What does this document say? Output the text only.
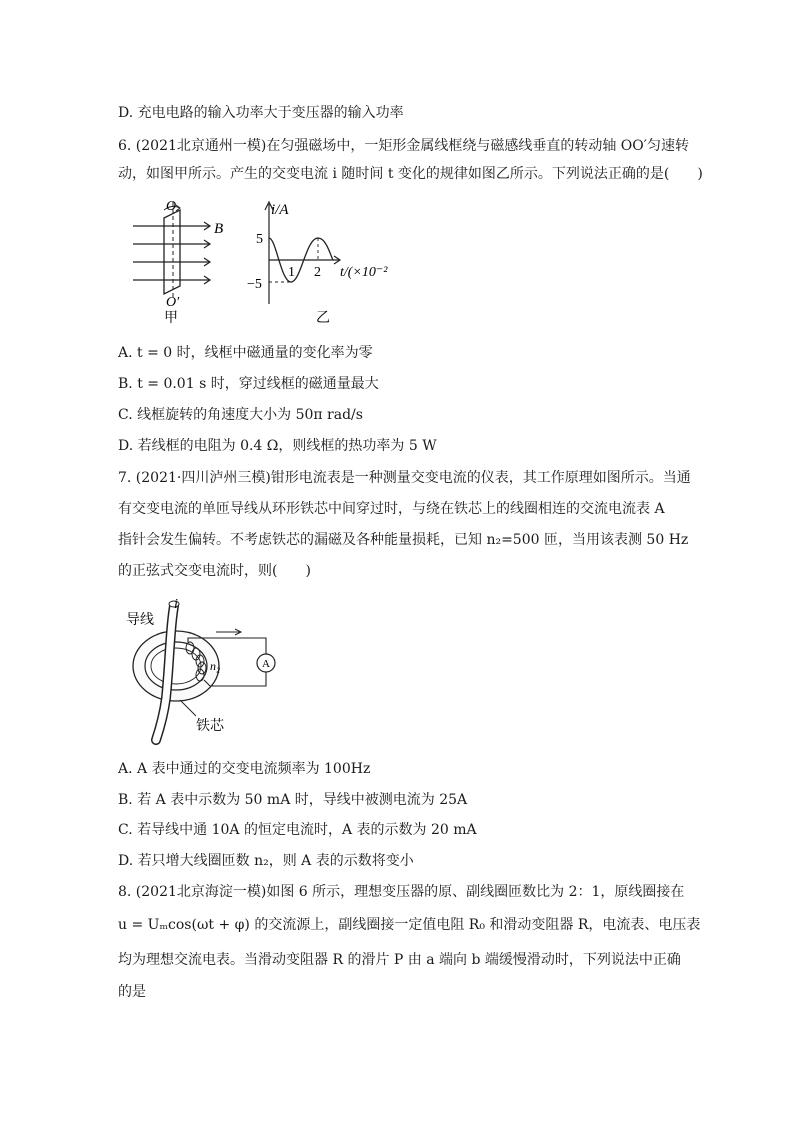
D. 充电电路的输入功率大于变压器的输入功率
6. (2021北京通州一模)在匀强磁场中，一矩形金属线框绕与磁感线垂直的转动轴 OO′匀速转
动，如图甲所示。产生的交变电流 i 随时间 t 变化的规律如图乙所示。下列说法正确的是(　　)
O
B
O′
甲
i/A
5
−5
1 2 t/(×10⁻²
乙
A. t = 0 时，线框中磁通量的变化率为零
B. t = 0.01 s 时，穿过线框的磁通量最大
C. 线框旋转的角速度大小为 50π rad/s
D. 若线框的电阻为 0.4 Ω，则线框的热功率为 5 W
7. (2021·四川泸州三模)钳形电流表是一种测量交变电流的仪表，其工作原理如图所示。当通
有交变电流的单匝导线从环形铁芯中间穿过时，与绕在铁芯上的线圈相连的交流电流表 A
指针会发生偏转。不考虑铁芯的漏磁及各种能量损耗，已知 n₂=500 匝，当用该表测 50 Hz
的正弦式交变电流时，则(　　)
A
n₂
导线
i
铁芯
A. A 表中通过的交变电流频率为 100Hz
B. 若 A 表中示数为 50 mA 时，导线中被测电流为 25A
C. 若导线中通 10A 的恒定电流时，A 表的示数为 20 mA
D. 若只增大线圈匝数 n₂，则 A 表的示数将变小
8. (2021北京海淀一模)如图 6 所示，理想变压器的原、副线圈匝数比为 2：1，原线圈接在
u = Uₘcos(ωt + φ) 的交流源上，副线圈接一定值电阻 R₀ 和滑动变阻器 R，电流表、电压表
均为理想交流电表。当滑动变阻器 R 的滑片 P 由 a 端向 b 端缓慢滑动时，下列说法中正确
的是
